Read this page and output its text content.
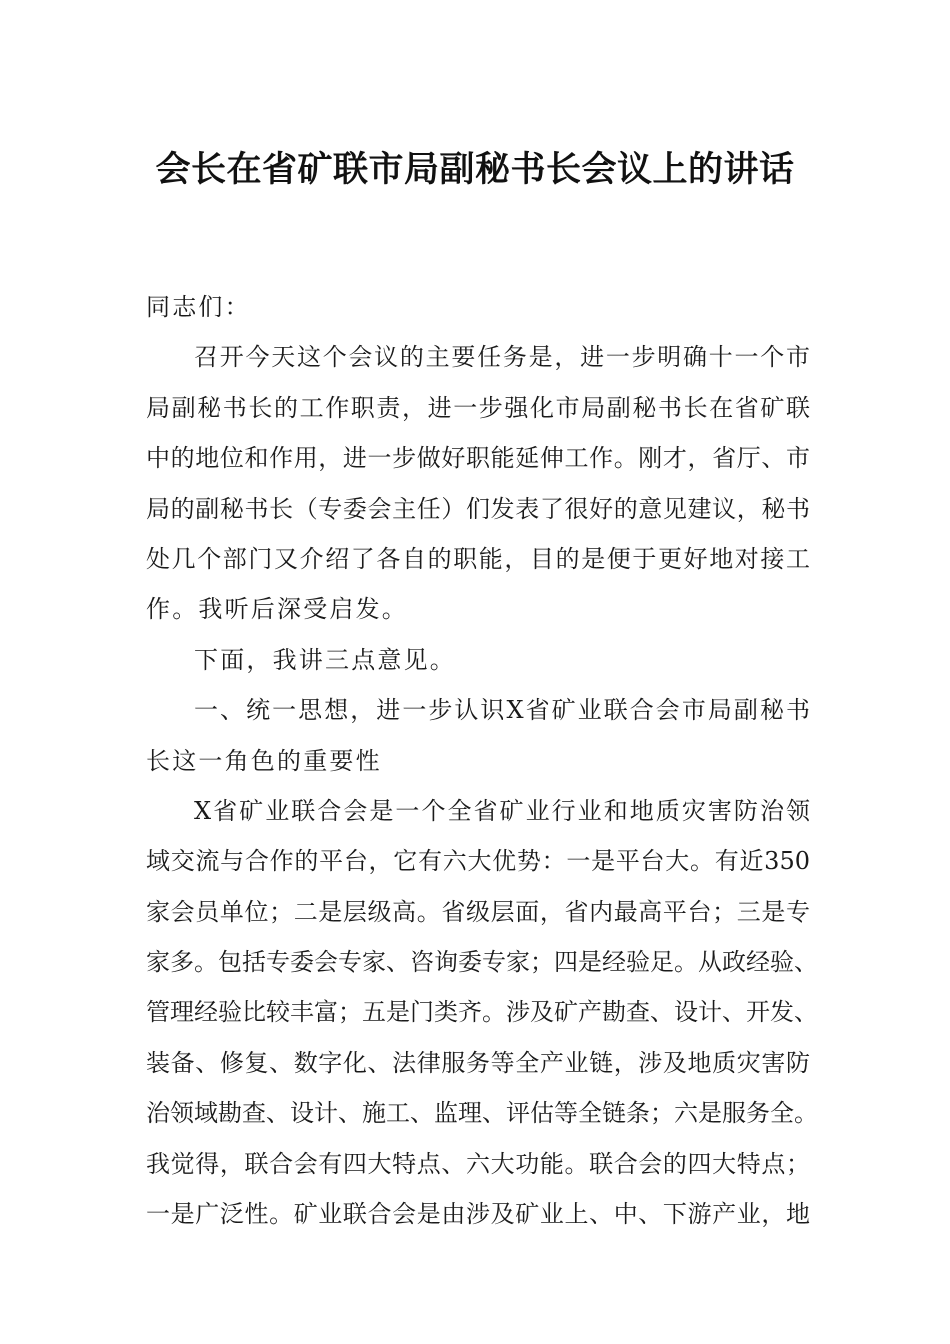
会长在省矿联市局副秘书长会议上的讲话
同志们：
召开今天这个会议的主要任务是，进一步明确十一个市
局副秘书长的工作职责，进一步强化市局副秘书长在省矿联
中的地位和作用，进一步做好职能延伸工作。刚才，省厅、市
局的副秘书长（专委会主任）们发表了很好的意见建议，秘书
处几个部门又介绍了各自的职能，目的是便于更好地对接工
作。我听后深受启发。
下面，我讲三点意见。
一、统一思想，进一步认识X省矿业联合会市局副秘书
长这一角色的重要性
X省矿业联合会是一个全省矿业行业和地质灾害防治领
域交流与合作的平台，它有六大优势：一是平台大。有近350
家会员单位；二是层级高。省级层面，省内最高平台；三是专
家多。包括专委会专家、咨询委专家；四是经验足。从政经验、
管理经验比较丰富；五是门类齐。涉及矿产勘查、设计、开发、
装备、修复、数字化、法律服务等全产业链，涉及地质灾害防
治领域勘查、设计、施工、监理、评估等全链条；六是服务全。
我觉得，联合会有四大特点、六大功能。联合会的四大特点；
一是广泛性。矿业联合会是由涉及矿业上、中、下游产业，地
